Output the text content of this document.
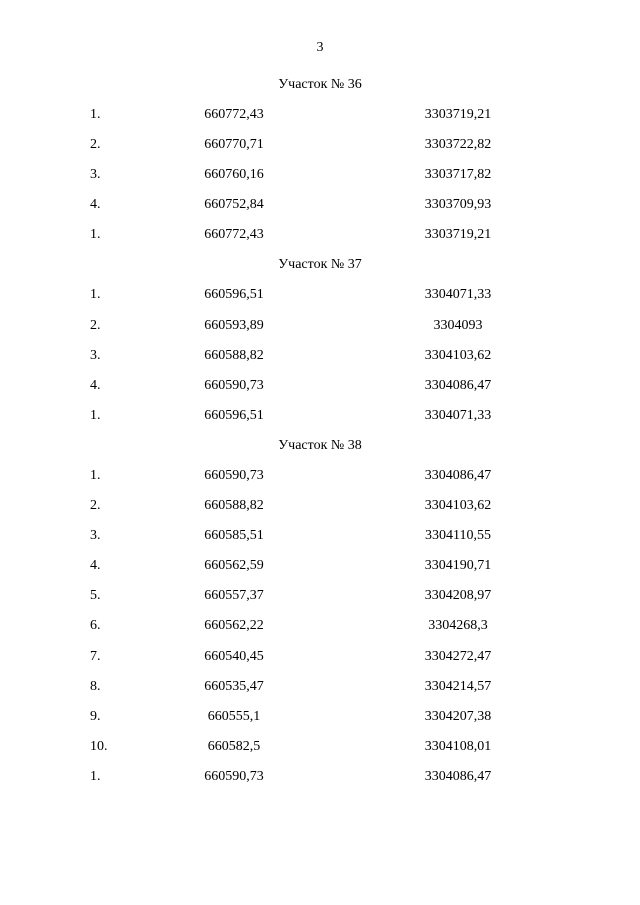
3
Участок № 36
1.	660772,43	3303719,21
2.	660770,71	3303722,82
3.	660760,16	3303717,82
4.	660752,84	3303709,93
1.	660772,43	3303719,21
Участок № 37
1.	660596,51	3304071,33
2.	660593,89	3304093
3.	660588,82	3304103,62
4.	660590,73	3304086,47
1.	660596,51	3304071,33
Участок № 38
1.	660590,73	3304086,47
2.	660588,82	3304103,62
3.	660585,51	3304110,55
4.	660562,59	3304190,71
5.	660557,37	3304208,97
6.	660562,22	3304268,3
7.	660540,45	3304272,47
8.	660535,47	3304214,57
9.	660555,1	3304207,38
10.	660582,5	3304108,01
1.	660590,73	3304086,47
